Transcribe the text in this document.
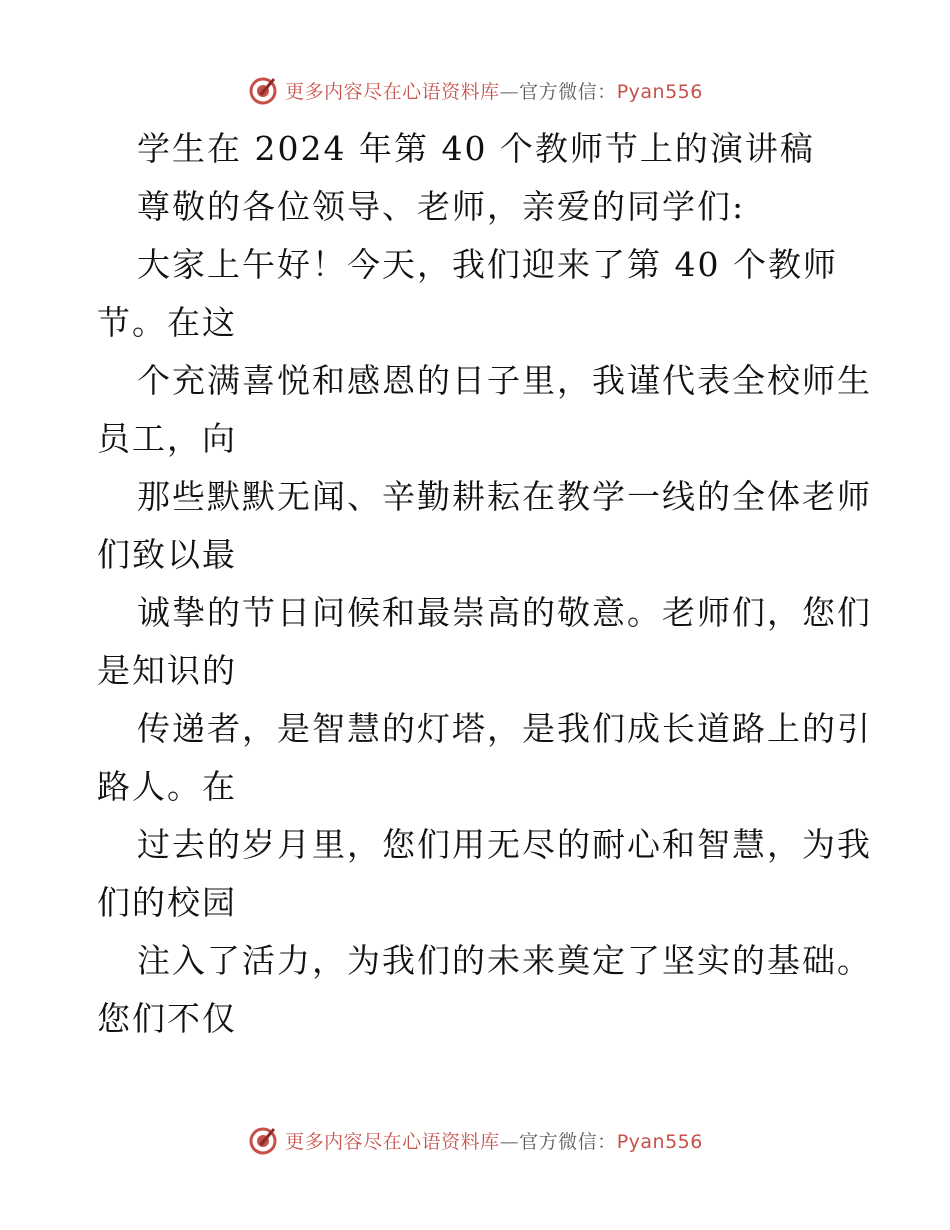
更多内容尽在心语资料库—官方微信：Pyan556
学生在 2024 年第 40 个教师节上的演讲稿
尊敬的各位领导、老师，亲爱的同学们:
大家上午好！今天，我们迎来了第 40 个教师
节。在这
个充满喜悦和感恩的日子里，我谨代表全校师生
员工，向
那些默默无闻、辛勤耕耘在教学一线的全体老师
们致以最
诚挚的节日问候和最崇高的敬意。老师们，您们
是知识的
传递者，是智慧的灯塔，是我们成长道路上的引
路人。在
过去的岁月里，您们用无尽的耐心和智慧，为我
们的校园
注入了活力，为我们的未来奠定了坚实的基础。
您们不仅
更多内容尽在心语资料库—官方微信：Pyan556
